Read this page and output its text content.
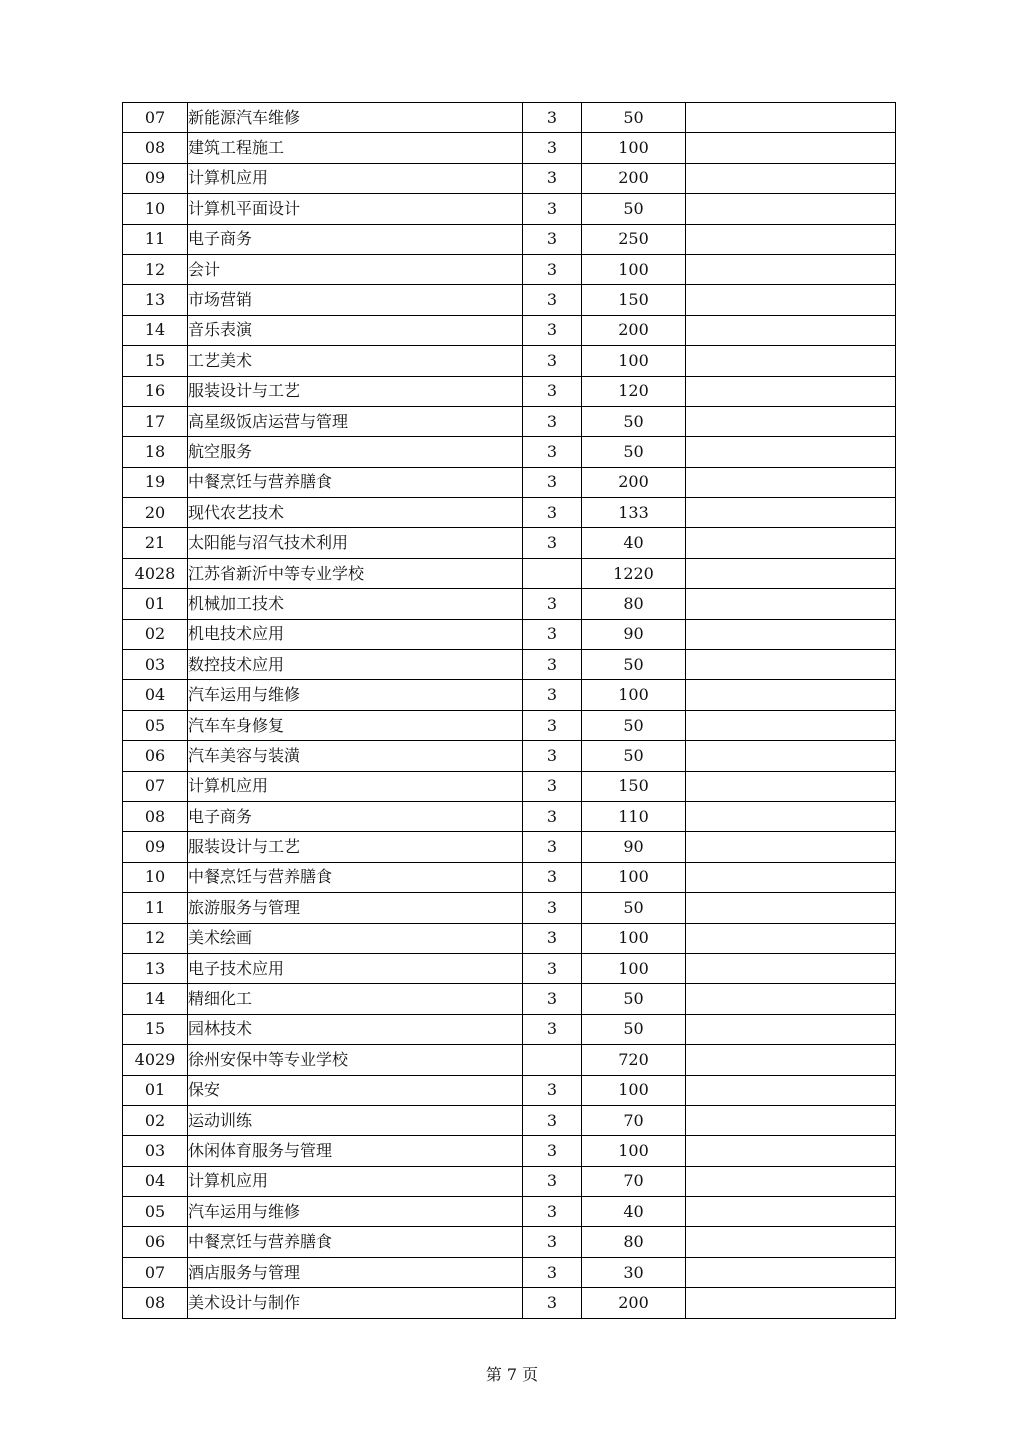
07	新能源汽车维修	3	50	
08	建筑工程施工	3	100	
09	计算机应用	3	200	
10	计算机平面设计	3	50	
11	电子商务	3	250	
12	会计	3	100	
13	市场营销	3	150	
14	音乐表演	3	200	
15	工艺美术	3	100	
16	服装设计与工艺	3	120	
17	高星级饭店运营与管理	3	50	
18	航空服务	3	50	
19	中餐烹饪与营养膳食	3	200	
20	现代农艺技术	3	133	
21	太阳能与沼气技术利用	3	40	
4028	江苏省新沂中等专业学校		1220	
01	机械加工技术	3	80	
02	机电技术应用	3	90	
03	数控技术应用	3	50	
04	汽车运用与维修	3	100	
05	汽车车身修复	3	50	
06	汽车美容与装潢	3	50	
07	计算机应用	3	150	
08	电子商务	3	110	
09	服装设计与工艺	3	90	
10	中餐烹饪与营养膳食	3	100	
11	旅游服务与管理	3	50	
12	美术绘画	3	100	
13	电子技术应用	3	100	
14	精细化工	3	50	
15	园林技术	3	50	
4029	徐州安保中等专业学校		720	
01	保安	3	100	
02	运动训练	3	70	
03	休闲体育服务与管理	3	100	
04	计算机应用	3	70	
05	汽车运用与维修	3	40	
06	中餐烹饪与营养膳食	3	80	
07	酒店服务与管理	3	30	
08	美术设计与制作	3	200	
第 7 页
